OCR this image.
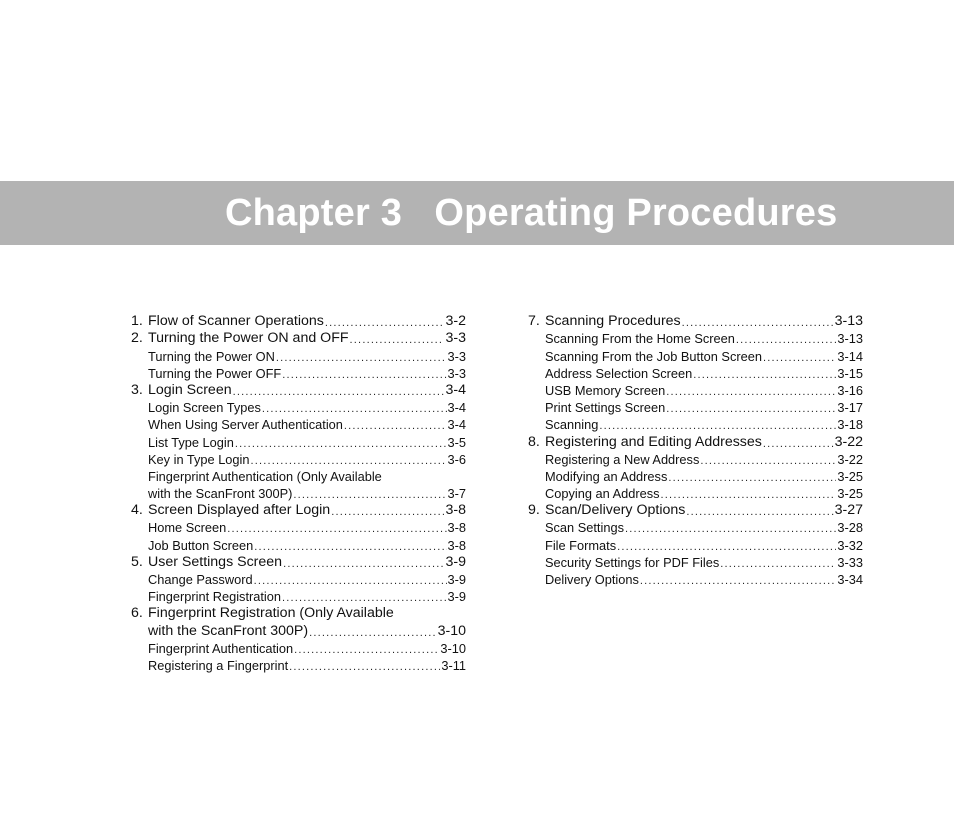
Chapter 3   Operating Procedures
1. Flow of Scanner Operations .....	3-2
2. Turning the Power ON and OFF .....	3-3
Turning the Power ON .....	3-3
Turning the Power OFF .....	3-3
3. Login Screen .....	3-4
Login Screen Types .....	3-4
When Using Server Authentication .....	3-4
List Type Login .....	3-5
Key in Type Login .....	3-6
Fingerprint Authentication (Only Available
with the ScanFront 300P) .....	3-7
4. Screen Displayed after Login .....	3-8
Home Screen .....	3-8
Job Button Screen .....	3-8
5. User Settings Screen .....	3-9
Change Password .....	3-9
Fingerprint Registration .....	3-9
6. Fingerprint Registration (Only Available
with the ScanFront 300P) .....	3-10
Fingerprint Authentication .....	3-10
Registering a Fingerprint .....	3-11
7. Scanning Procedures .....	3-13
Scanning From the Home Screen .....	3-13
Scanning From the Job Button Screen .....	3-14
Address Selection Screen .....	3-15
USB Memory Screen .....	3-16
Print Settings Screen .....	3-17
Scanning .....	3-18
8. Registering and Editing Addresses .....	3-22
Registering a New Address .....	3-22
Modifying an Address .....	3-25
Copying an Address .....	3-25
9. Scan/Delivery Options .....	3-27
Scan Settings .....	3-28
File Formats .....	3-32
Security Settings for PDF Files .....	3-33
Delivery Options .....	3-34
